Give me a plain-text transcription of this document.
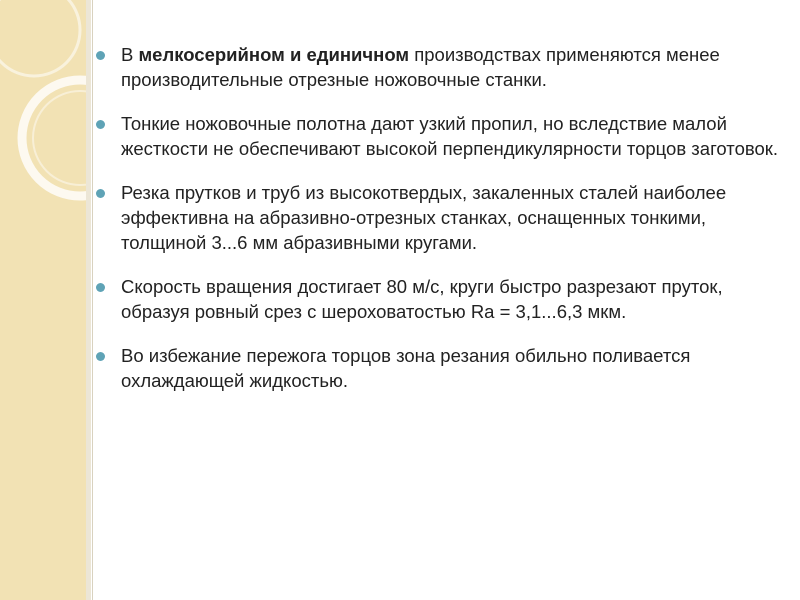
В мелкосерийном и единичном производствах применяются менее производительные отрезные ножовочные станки.
Тонкие ножовочные полотна дают узкий пропил, но вследствие малой жесткости не обеспечивают высокой перпендикулярности торцов заготовок.
Резка прутков и труб из высокотвердых, закаленных сталей наиболее эффективна на абразивно-отрезных станках, оснащенных тонкими, толщиной 3...6 мм абразивными кругами.
Скорость вращения достигает 80 м/с, круги быстро разрезают пруток, образуя ровный срез с шероховатостью Ra = 3,1...6,3 мкм.
Во избежание пережога торцов зона резания обильно поливается охлаждающей жидкостью.
